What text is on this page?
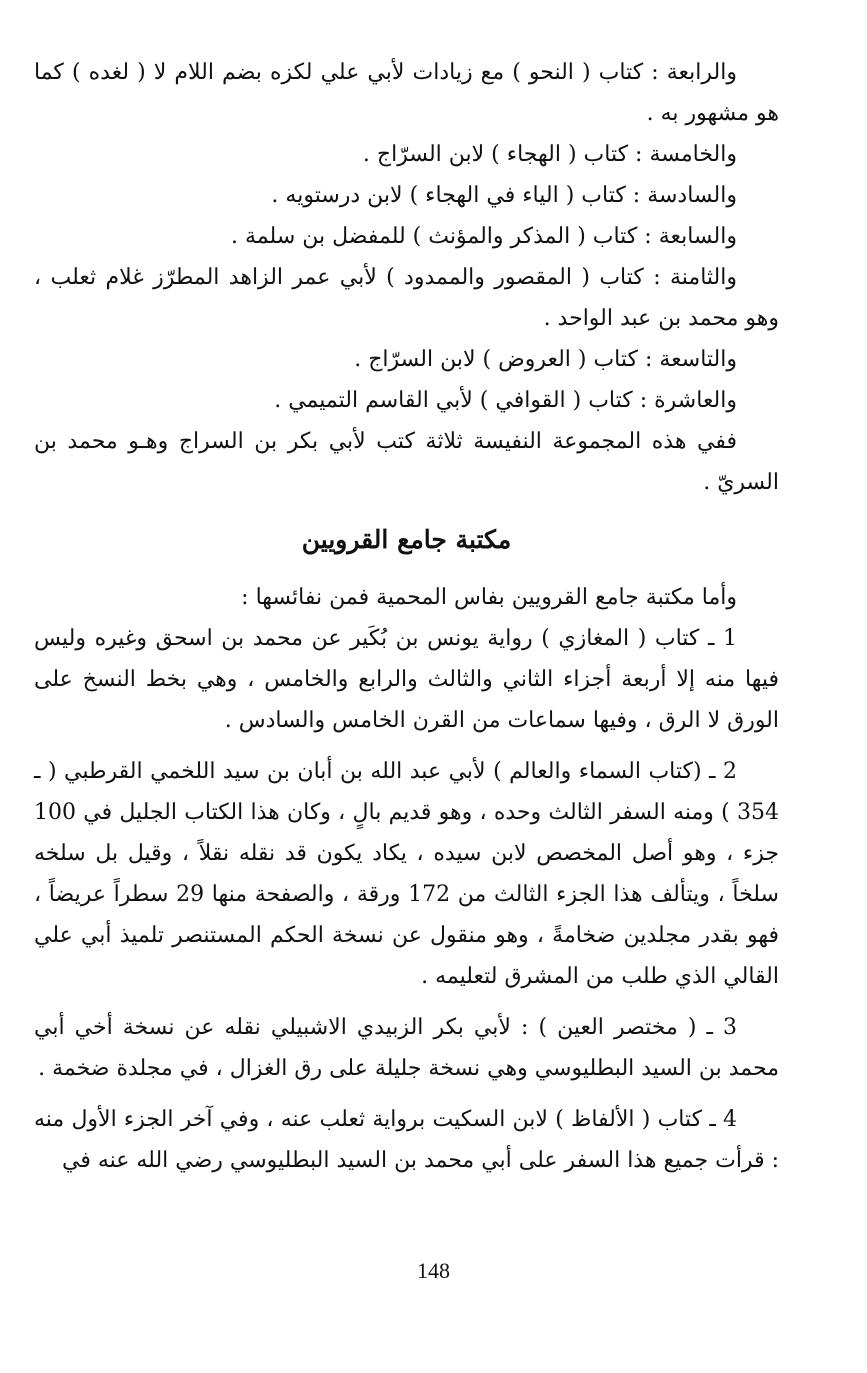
والرابعة : كتاب ( النحو ) مع زيادات لأبي علي لكزه بضم اللام لا ( لغده ) كما هو مشهور به .

والخامسة : كتاب ( الهجاء ) لابن السرّاج .

والسادسة : كتاب ( الياء في الهجاء ) لابن درستويه .

والسابعة : كتاب ( المذكر والمؤنث ) للمفضل بن سلمة .

والثامنة : كتاب ( المقصور والممدود ) لأبي عمر الزاهد المطرّز غلام ثعلب ، وهو محمد بن عبد الواحد .

والتاسعة : كتاب ( العروض ) لابن السرّاج .

والعاشرة : كتاب ( القوافي ) لأبي القاسم التميمي .

ففي هذه المجموعة النفيسة ثلاثة كتب لأبي بكر بن السراج وهـو محمد بن السريّ .

مكتبة جامع القرويين

وأما مكتبة جامع القرويين بفاس المحمية فمن نفائسها :

1 ـ كتاب ( المغازي ) رواية يونس بن بُكَير عن محمد بن اسحق وغيره وليس فيها منه إلا أربعة أجزاء الثاني والثالث والرابع والخامس ، وهي بخط النسخ على الورق لا الرق ، وفيها سماعات من القرن الخامس والسادس .

2 ـ (كتاب السماء والعالم ) لأبي عبد الله بن أبان بن سيد اللخمي القرطبي ( ـ 354 ) ومنه السفر الثالث وحده ، وهو قديم بالٍ ، وكان هذا الكتاب الجليل في 100 جزء ، وهو أصل المخصص لابن سيده ، يكاد يكون قد نقله نقلاً ، وقيل بل سلخه سلخاً ، ويتألف هذا الجزء الثالث من 172 ورقة ، والصفحة منها 29 سطراً عريضاً ، فهو بقدر مجلدين ضخامةً ، وهو منقول عن نسخة الحكم المستنصر تلميذ أبي علي القالي الذي طلب من المشرق لتعليمه .

3 ـ ( مختصر العين ) : لأبي بكر الزبيدي الاشبيلي نقله عن نسخة أخي أبي محمد بن السيد البطليوسي وهي نسخة جليلة على رق الغزال ، في مجلدة ضخمة .

4 ـ كتاب ( الألفاظ ) لابن السكيت برواية ثعلب عنه ، وفي آخر الجزء الأول منه : قرأت جميع هذا السفر على أبي محمد بن السيد البطليوسي رضي الله عنه في

148
